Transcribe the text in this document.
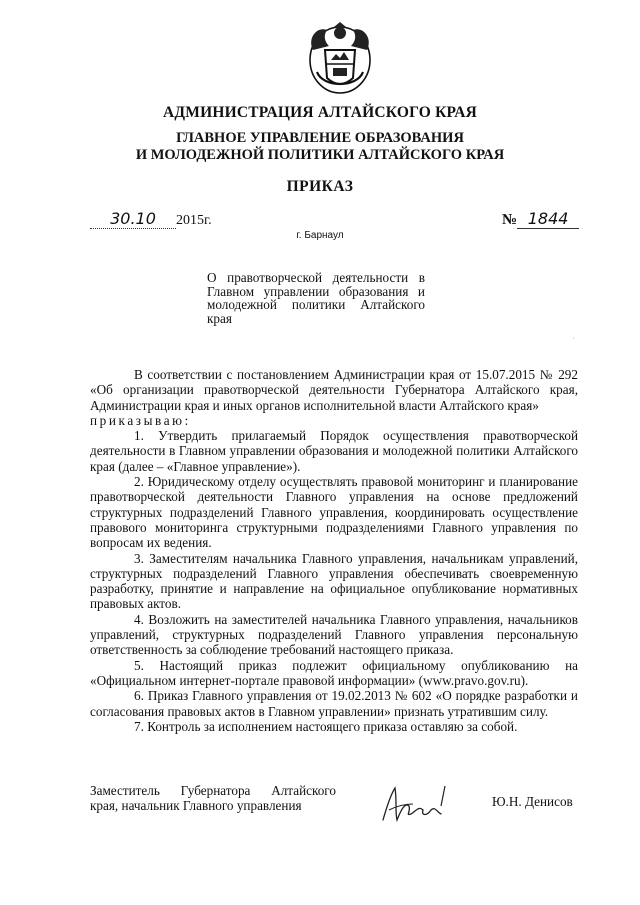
АДМИНИСТРАЦИЯ АЛТАЙСКОГО КРАЯ
ГЛАВНОЕ УПРАВЛЕНИЕ ОБРАЗОВАНИЯ
И МОЛОДЕЖНОЙ ПОЛИТИКИ АЛТАЙСКОГО КРАЯ
ПРИКАЗ
30.10 2015г.	№ 1844
г. Барнаул
О правотворческой деятельности в Главном управлении образования и молодежной политики Алтайского края

В соответствии с постановлением Администрации края от 15.07.2015 № 292 «Об организации правотворческой деятельности Губернатора Алтайского края, Администрации края и иных органов исполнительной власти Алтайского края»

приказываю:

1. Утвердить прилагаемый Порядок осуществления правотворческой деятельности в Главном управлении образования и молодежной политики Алтайского края (далее – «Главное управление»).

2. Юридическому отделу осуществлять правовой мониторинг и планирование правотворческой деятельности Главного управления на основе предложений структурных подразделений Главного управления, координировать осуществление правового мониторинга структурными подразделениями Главного управления по вопросам их ведения.

3. Заместителям начальника Главного управления, начальникам управлений, структурных подразделений Главного управления обеспечивать своевременную разработку, принятие и направление на официальное опубликование нормативных правовых актов.

4. Возложить на заместителей начальника Главного управления, начальников управлений, структурных подразделений Главного управления персональную ответственность за соблюдение требований настоящего приказа.

5. Настоящий приказ подлежит официальному опубликованию на «Официальном интернет-портале правовой информации» (www.pravo.gov.ru).

6. Приказ Главного управления от 19.02.2013 № 602 «О порядке разработки и согласования правовых актов в Главном управлении» признать утратившим силу.

7. Контроль за исполнением настоящего приказа оставляю за собой.

Заместитель Губернатора Алтайского
края, начальник Главного управления	Ю.Н. Денисов
·
